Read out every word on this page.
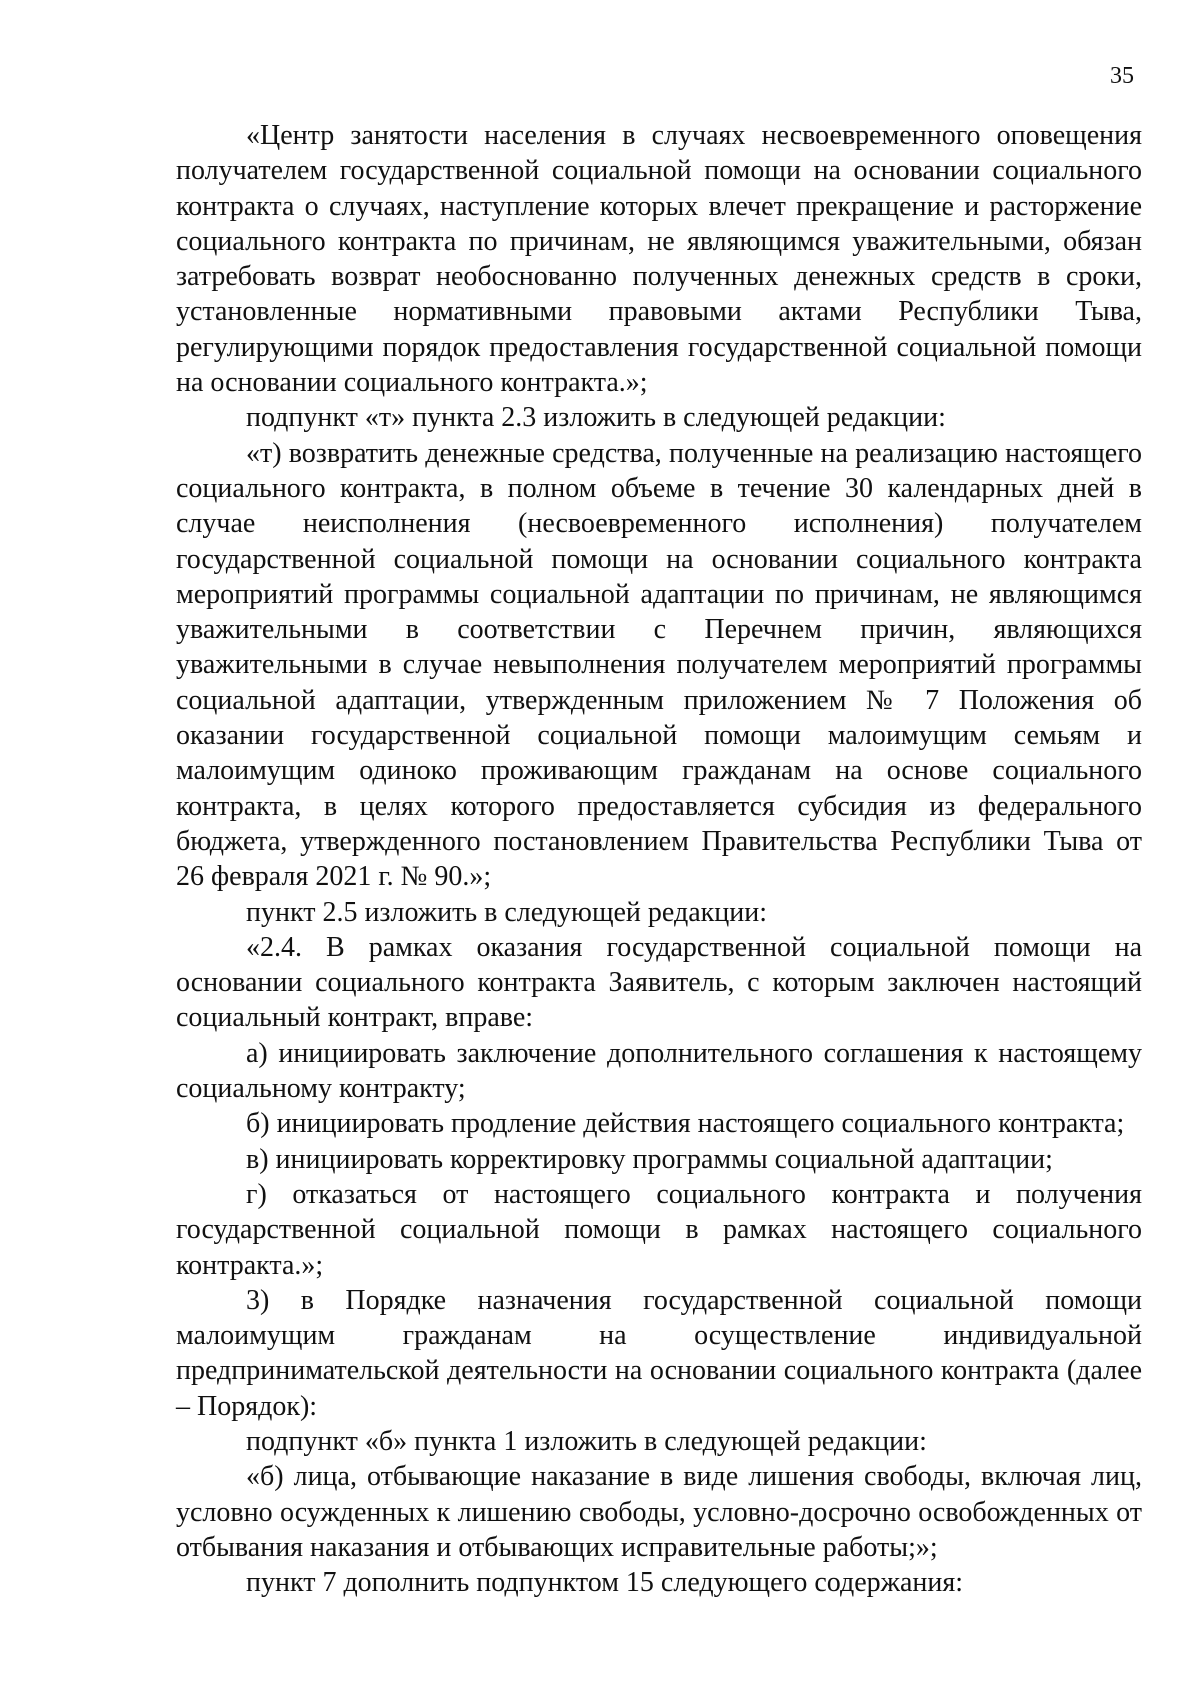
35

«Центр занятости населения в случаях несвоевременного оповещения получателем государственной социальной помощи на основании социального контракта о случаях, наступление которых влечет прекращение и расторжение социального контракта по причинам, не являющимся уважительными, обязан затребовать возврат необоснованно полученных денежных средств в сроки, установленные нормативными правовыми актами Республики Тыва, регулирующими порядок предоставления государственной социальной помощи на основании социального контракта.»;

подпункт «т» пункта 2.3 изложить в следующей редакции:

«т) возвратить денежные средства, полученные на реализацию настоящего социального контракта, в полном объеме в течение 30 календарных дней в случае неисполнения (несвоевременного исполнения) получателем государственной социальной помощи на основании социального контракта мероприятий программы социальной адаптации по причинам, не являющимся уважительными в соответствии с Перечнем причин, являющихся уважительными в случае невыполнения получателем мероприятий программы социальной адаптации, утвержденным приложением № 7 Положения об оказании государственной социальной помощи малоимущим семьям и малоимущим одиноко проживающим гражданам на основе социального контракта, в целях которого предоставляется субсидия из федерального бюджета, утвержденного постановлением Правительства Республики Тыва от 26 февраля 2021 г. № 90.»;

пункт 2.5 изложить в следующей редакции:

«2.4. В рамках оказания государственной социальной помощи на основании социального контракта Заявитель, с которым заключен настоящий социальный контракт, вправе:

а) инициировать заключение дополнительного соглашения к настоящему социальному контракту;

б) инициировать продление действия настоящего социального контракта;

в) инициировать корректировку программы социальной адаптации;

г) отказаться от настоящего социального контракта и получения государственной социальной помощи в рамках настоящего социального контракта.»;

3) в Порядке назначения государственной социальной помощи малоимущим гражданам на осуществление индивидуальной предпринимательской деятельности на основании социального контракта (далее – Порядок):

подпункт «б» пункта 1 изложить в следующей редакции:

«б) лица, отбывающие наказание в виде лишения свободы, включая лиц, условно осужденных к лишению свободы, условно-досрочно освобожденных от отбывания наказания и отбывающих исправительные работы;»;

пункт 7 дополнить подпунктом 15 следующего содержания:
